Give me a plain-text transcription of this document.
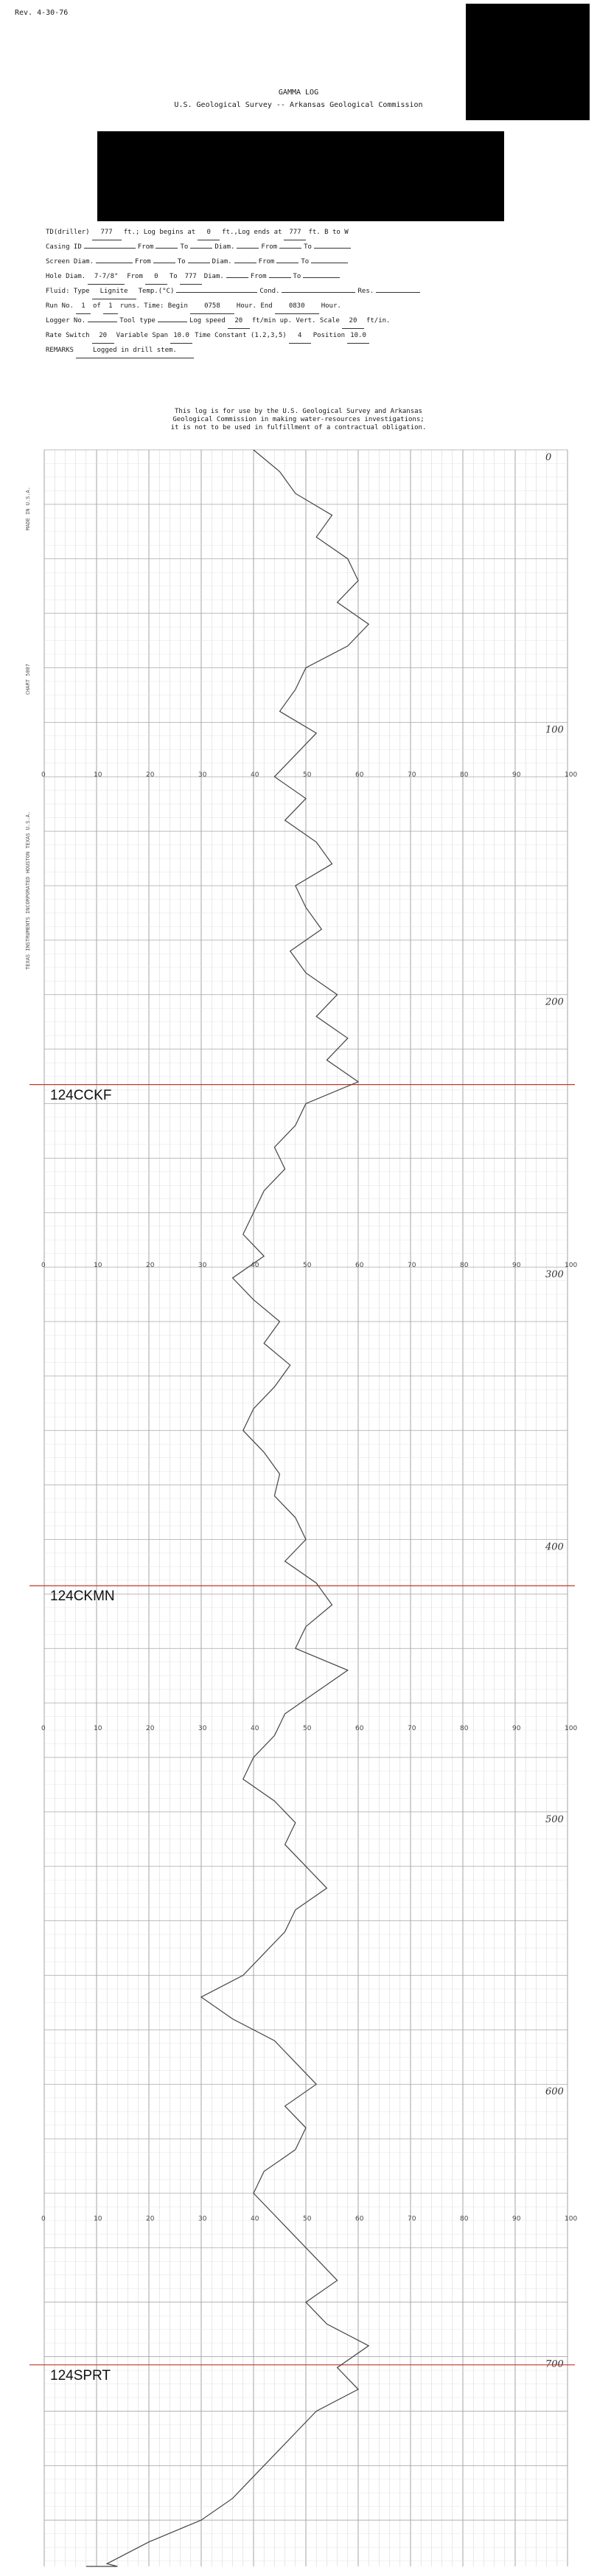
Rev. 4-30-76
GAMMA LOG
U.S. Geological Survey -- Arkansas Geological Commission
TD(driller)	777	ft.;
Log begins at	0	ft.,Log ends at	777	ft. B to W
Casing ID	From	To	Diam.	From	To
Screen Diam.	From	To	Diam.	From	To
Hole Diam.	7-7/8"	From	0	To	777	Diam.	From	To
Fluid: Type	Lignite	Temp.(°C)	Cond.	Res.
Run No.	1	of	1	runs. Time: Begin	0758	Hour. End	0830	Hour.
Logger No.	Tool type	Log speed	20	ft/min up. Vert. Scale	20	ft/in.
Rate Switch	20	Variable Span 10.0 Time Constant (1.2,3,5)	4	Position 10.0
REMARKS	Logged in drill stem.
This log is for use by the U.S. Geological Survey and Arkansas
Geological Commission in making water-resources investigations;
it is not to be used in fulfillment of a contractual obligation.
0
100
200
300
400
500
600
700
0	10	20	30	40	50	60	70	80	90	100
0	10	20	30	40	50	60	70	80	90	100
0	10	20	30	40	50	60	70	80	90	100
0	10	20	30	40	50	60	70	80	90	100
124CCKF
124CKMN
124SPRT
CHART 5007
TEXAS INSTRUMENTS INCORPORATED HOUSTON TEXAS U.S.A.
MADE IN U.S.A.
